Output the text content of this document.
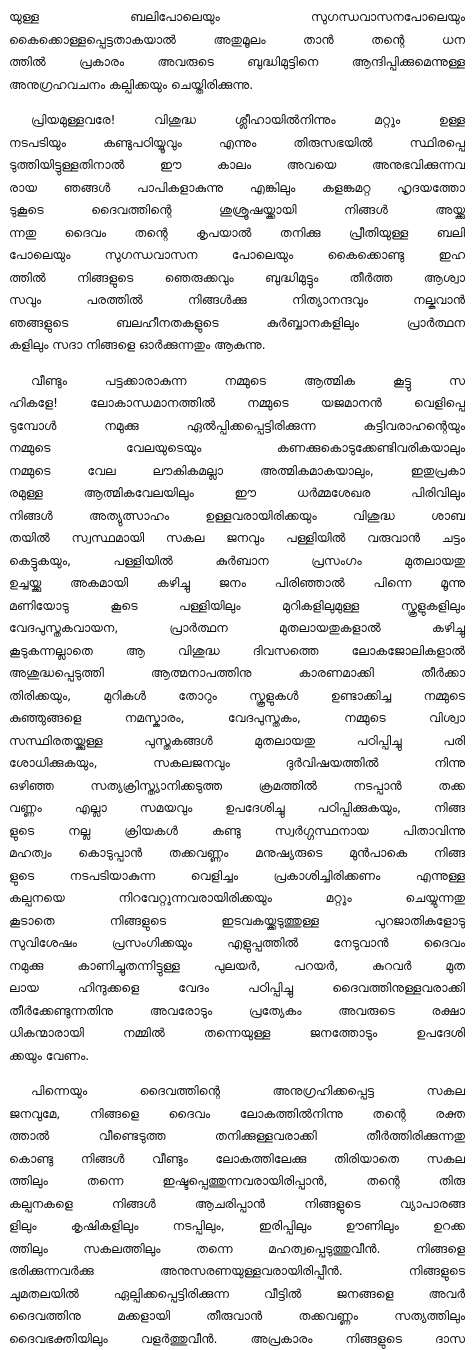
യുള്ള ബലിപോലെയും സുഗന്ധവാസനപോലെയും
കൈക്കൊള്ളപ്പെട്ടതാകയാൽ അതുമൂലം താൻ തന്റെ ധന
ത്തിൽ പ്രകാരം അവരുടെ ബുദ്ധിമുട്ടിനെ ആന്ദിപ്പിക്കുമെന്നുള്ള
അനുഗ്രഹവചനം കല്പിക്കയും ചെയ്തിരിക്കുന്നു.
പ്രിയമുള്ളവരേ! വിശുദ്ധ ശ്ലീഹായിൽനിന്നും മറ്റും ഉള്ള
നടപടിയും കണ്ടുപഠിയ്യൂവും എന്നും തിരുസഭയിൽ സ്ഥിരപ്പെ
ടുത്തിയിട്ടുള്ളതിനാൽ ഈ കാലം അവയെ അനുഭവിക്കുന്നവ
രായ ഞങ്ങൾ പാപികളാകുന്നു എങ്കിലും കളങ്കമറ്റ ഹൃദയത്തോ
ടുകൂടെ ദൈവത്തിന്റെ ശുശ്രൂഷയ്ക്കായി നിങ്ങൾ അയ്ക്കു
ന്നതു ദൈവം തന്റെ കൃപയാൽ തനിക്കു പ്രീതിയുള്ള ബലി
പോലെയും സുഗന്ധവാസന പോലെയും കൈക്കൊണ്ടു ഇഹ
ത്തിൽ നിങ്ങളുടെ ഞെരുക്കവും ബുദ്ധിമുട്ടും തീർത്ത ആശ്വാ
സവും പരത്തിൽ നിങ്ങൾക്കു നിത്യാനന്ദവും നല്കുവാൻ
ഞങ്ങളുടെ ബലഹീനതകളുടെ കുർബ്ബാനകളിലും പ്രാർത്ഥന
കളിലും സദാ നിങ്ങളെ ഓർക്കുന്നതും ആകുന്നു.
വീണ്ടും പട്ടക്കാരാകുന്ന നമ്മുടെ ആത്മിക കൂട്ടു സ
ഹികളേ! ലോകാന്ധമാനത്തിൽ നമ്മുടെ യജമാനൻ വെളിപ്പെ
ടുമ്പോൾ നമുക്കു ഏൽപ്പിക്കപ്പെട്ടിരിക്കുന്ന കട്ടിവരാഹന്റെയും
നമ്മുടെ വേലയുടെയും കണക്കുകൊടുക്കേണ്ടിവരികയാലും
നമ്മുടെ വേല ലൗകികമല്ലാ അത്മികമാകയാലും, ഇതുപ്രകാ
രമുള്ള ആത്മികവേലയിലും ഈ ധർമ്മശേഖര പിരിവിലും
നിങ്ങൾ അത്യുത്സാഹം ഉള്ളവരായിരിക്കയും വിശുദ്ധ ശാബ
തയിൽ സ്വസ്ഥമായി സകല ജനവും പള്ളിയിൽ വരുവാൻ ചട്ടം
കെട്ടുകയും, പള്ളിയിൽ കുർബാന പ്രസംഗം മുതലായതു
ഉച്ചയ്ക്കു അകമായി കഴിച്ചു ജനം പിരിഞ്ഞാൽ പിന്നെ മൂന്നു
മണിയോടു കൂടെ പള്ളിയിലും മുറികളിലുമുള്ള സ്കൂളുകളിലും
വേദപുസ്തകവായന, പ്രാർത്ഥന മുതലായതുകളാൽ കഴിച്ചു
കൂടുകന്നല്ലാതെ ആ വിശുദ്ധ ദിവസത്തെ ലോകജോലികളാൽ
അശുദ്ധപ്പെടുത്തി ആത്മനാപത്തിനു കാരണമാക്കി തീർക്കാ
തിരിക്കയും, മുറികൾ തോറും സ്കൂളുകൾ ഉണ്ടാക്കിച്ച നമ്മുടെ
കുഞ്ഞുങ്ങളെ നമസ്കാരം, വേദപുസ്തകം, നമ്മുടെ വിശ്വാ
സസ്ഥിരതയ്ക്കുള്ള പുസ്തകങ്ങൾ മുതലായതു പഠിപ്പിച്ചു പരി
ശോധിക്കുകയും, സകലജനവും ദുർവിഷയത്തിൽ നിന്നു
ഒഴിഞ്ഞ സത്യക്രിസ്ത്യാനിക്കടുത്ത ക്രമത്തിൽ നടപ്പാൻ തക്ക
വണ്ണം എല്ലാ സമയവും ഉപദേശിച്ചു പഠിപ്പിക്കുകയും, നിങ്ങ
ളുടെ നല്ല ക്രിയകൾ കണ്ടു സ്വർഗ്ഗസ്ഥനായ പിതാവിന്നു
മഹത്വം കൊടുപ്പാൻ തക്കവണ്ണം മനുഷ്യരുടെ മുൻപാകെ നിങ്ങ
ളുടെ നടപടിയാകുന്ന വെളിച്ചം പ്രകാശിച്ചിരിക്കണം എന്നുള്ള
കല്പനയെ നിറവേറ്റുന്നവരായിരിക്കയും മറ്റും ചെയ്യുന്നതു
കൂടാതെ നിങ്ങളുടെ ഇടവകയ്ക്കടുത്തുള്ള പുറജാതികളോടു
സുവിശേഷം പ്രസംഗിക്കയും എളുപ്പത്തിൽ നേടുവാൻ ദൈവം
നമുക്കു കാണിച്ചുതന്നിട്ടുള്ള പുലയർ, പറയർ, കുറവർ മുത
ലായ ഹിന്ദുക്കളെ വേദം പഠിപ്പിച്ചു ദൈവത്തിനുള്ളവരാക്കി
തീർക്കേണ്ടുന്നതിനു അവരോടും പ്രത്യേകം അവരുടെ രക്ഷാ
ധികന്മാരായി നമ്മിൽ തന്നെയുള്ള ജനത്തോടും ഉപദേശി
ക്കയും വേണം.
പിന്നെയും ദൈവത്തിന്റെ അനുഗ്രഹിക്കപ്പെട്ട സകല
ജനവുമേ, നിങ്ങളെ ദൈവം ലോകത്തിൽനിന്നു തന്റെ രക്ത
ത്താൽ വീണ്ടെടുത്ത തനിക്കുള്ളവരാക്കി തീർത്തിരിക്കുന്നതു
കൊണ്ടു നിങ്ങൾ വീണ്ടും ലോകത്തിലേക്കു തിരിയാതെ സകല
ത്തിലും തന്നെ ഇഷ്ടപ്പെത്തുന്നവരായിരിപ്പാൻ, തന്റെ തിരു
കല്പനകളെ നിങ്ങൾ ആചരിപ്പാൻ നിങ്ങളുടെ വ്യാപാരങ്ങ
ളിലും കൃഷികളിലും നടപ്പിലും, ഇരിപ്പിലും ഊണിലും ഉറക്ക
ത്തിലും സകലത്തിലും തന്നെ മഹത്വപ്പെടുത്തുവീൻ. നിങ്ങളെ
ഭരിക്കുന്നവർക്കു അനുസരണയുള്ളവരായിരിപ്പീൻ. നിങ്ങളുടെ
ചുമതലയിൽ ഏല്പിക്കപ്പെട്ടിരിക്കുന്ന വീട്ടിൽ ജനങ്ങളെ അവർ
ദൈവത്തിനു മക്കളായി തീരുവാൻ തക്കവണ്ണം സത്യത്തിലും
ദൈവഭക്തിയിലും വളർത്തുവീൻ. അപ്രകാരം നിങ്ങളുടെ ദാസ
